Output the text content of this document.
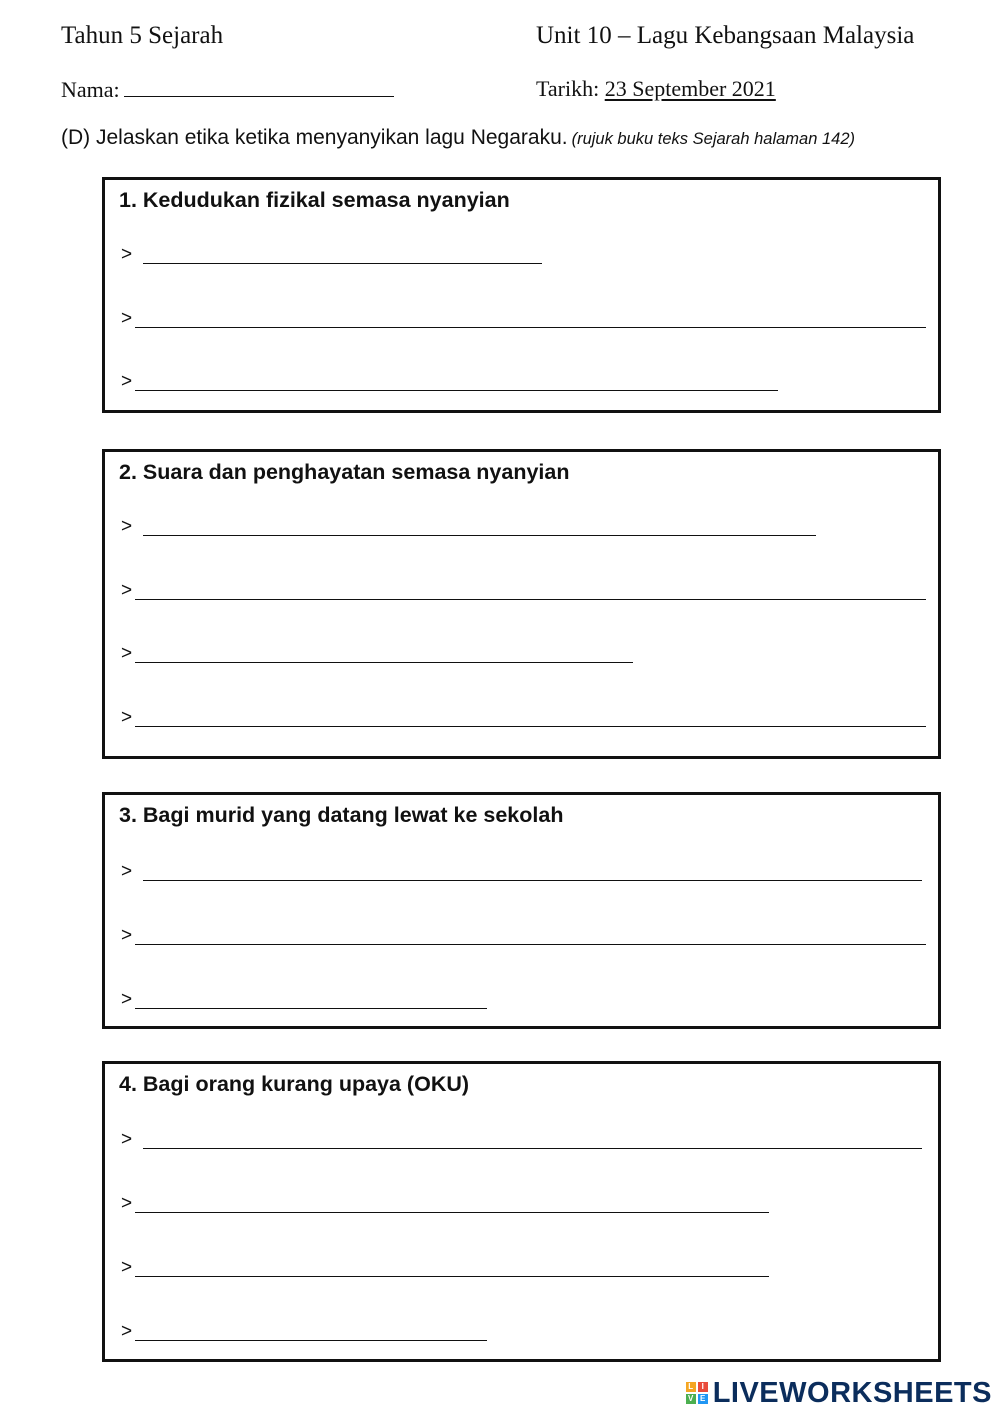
Tahun 5 Sejarah	Unit 10 – Lagu Kebangsaan Malaysia
Nama:	Tarikh: 23 September 2021
(D) Jelaskan etika ketika menyanyikan lagu Negaraku. (rujuk buku teks Sejarah halaman 142)
1. Kedudukan fizikal semasa nyanyian
>
>
>
2. Suara dan penghayatan semasa nyanyian
>
>
>
>
3. Bagi murid yang datang lewat ke sekolah
>
>
>
4. Bagi orang kurang upaya (OKU)
>
>
>
>
L	I
V E LIVEWORKSHEETS
